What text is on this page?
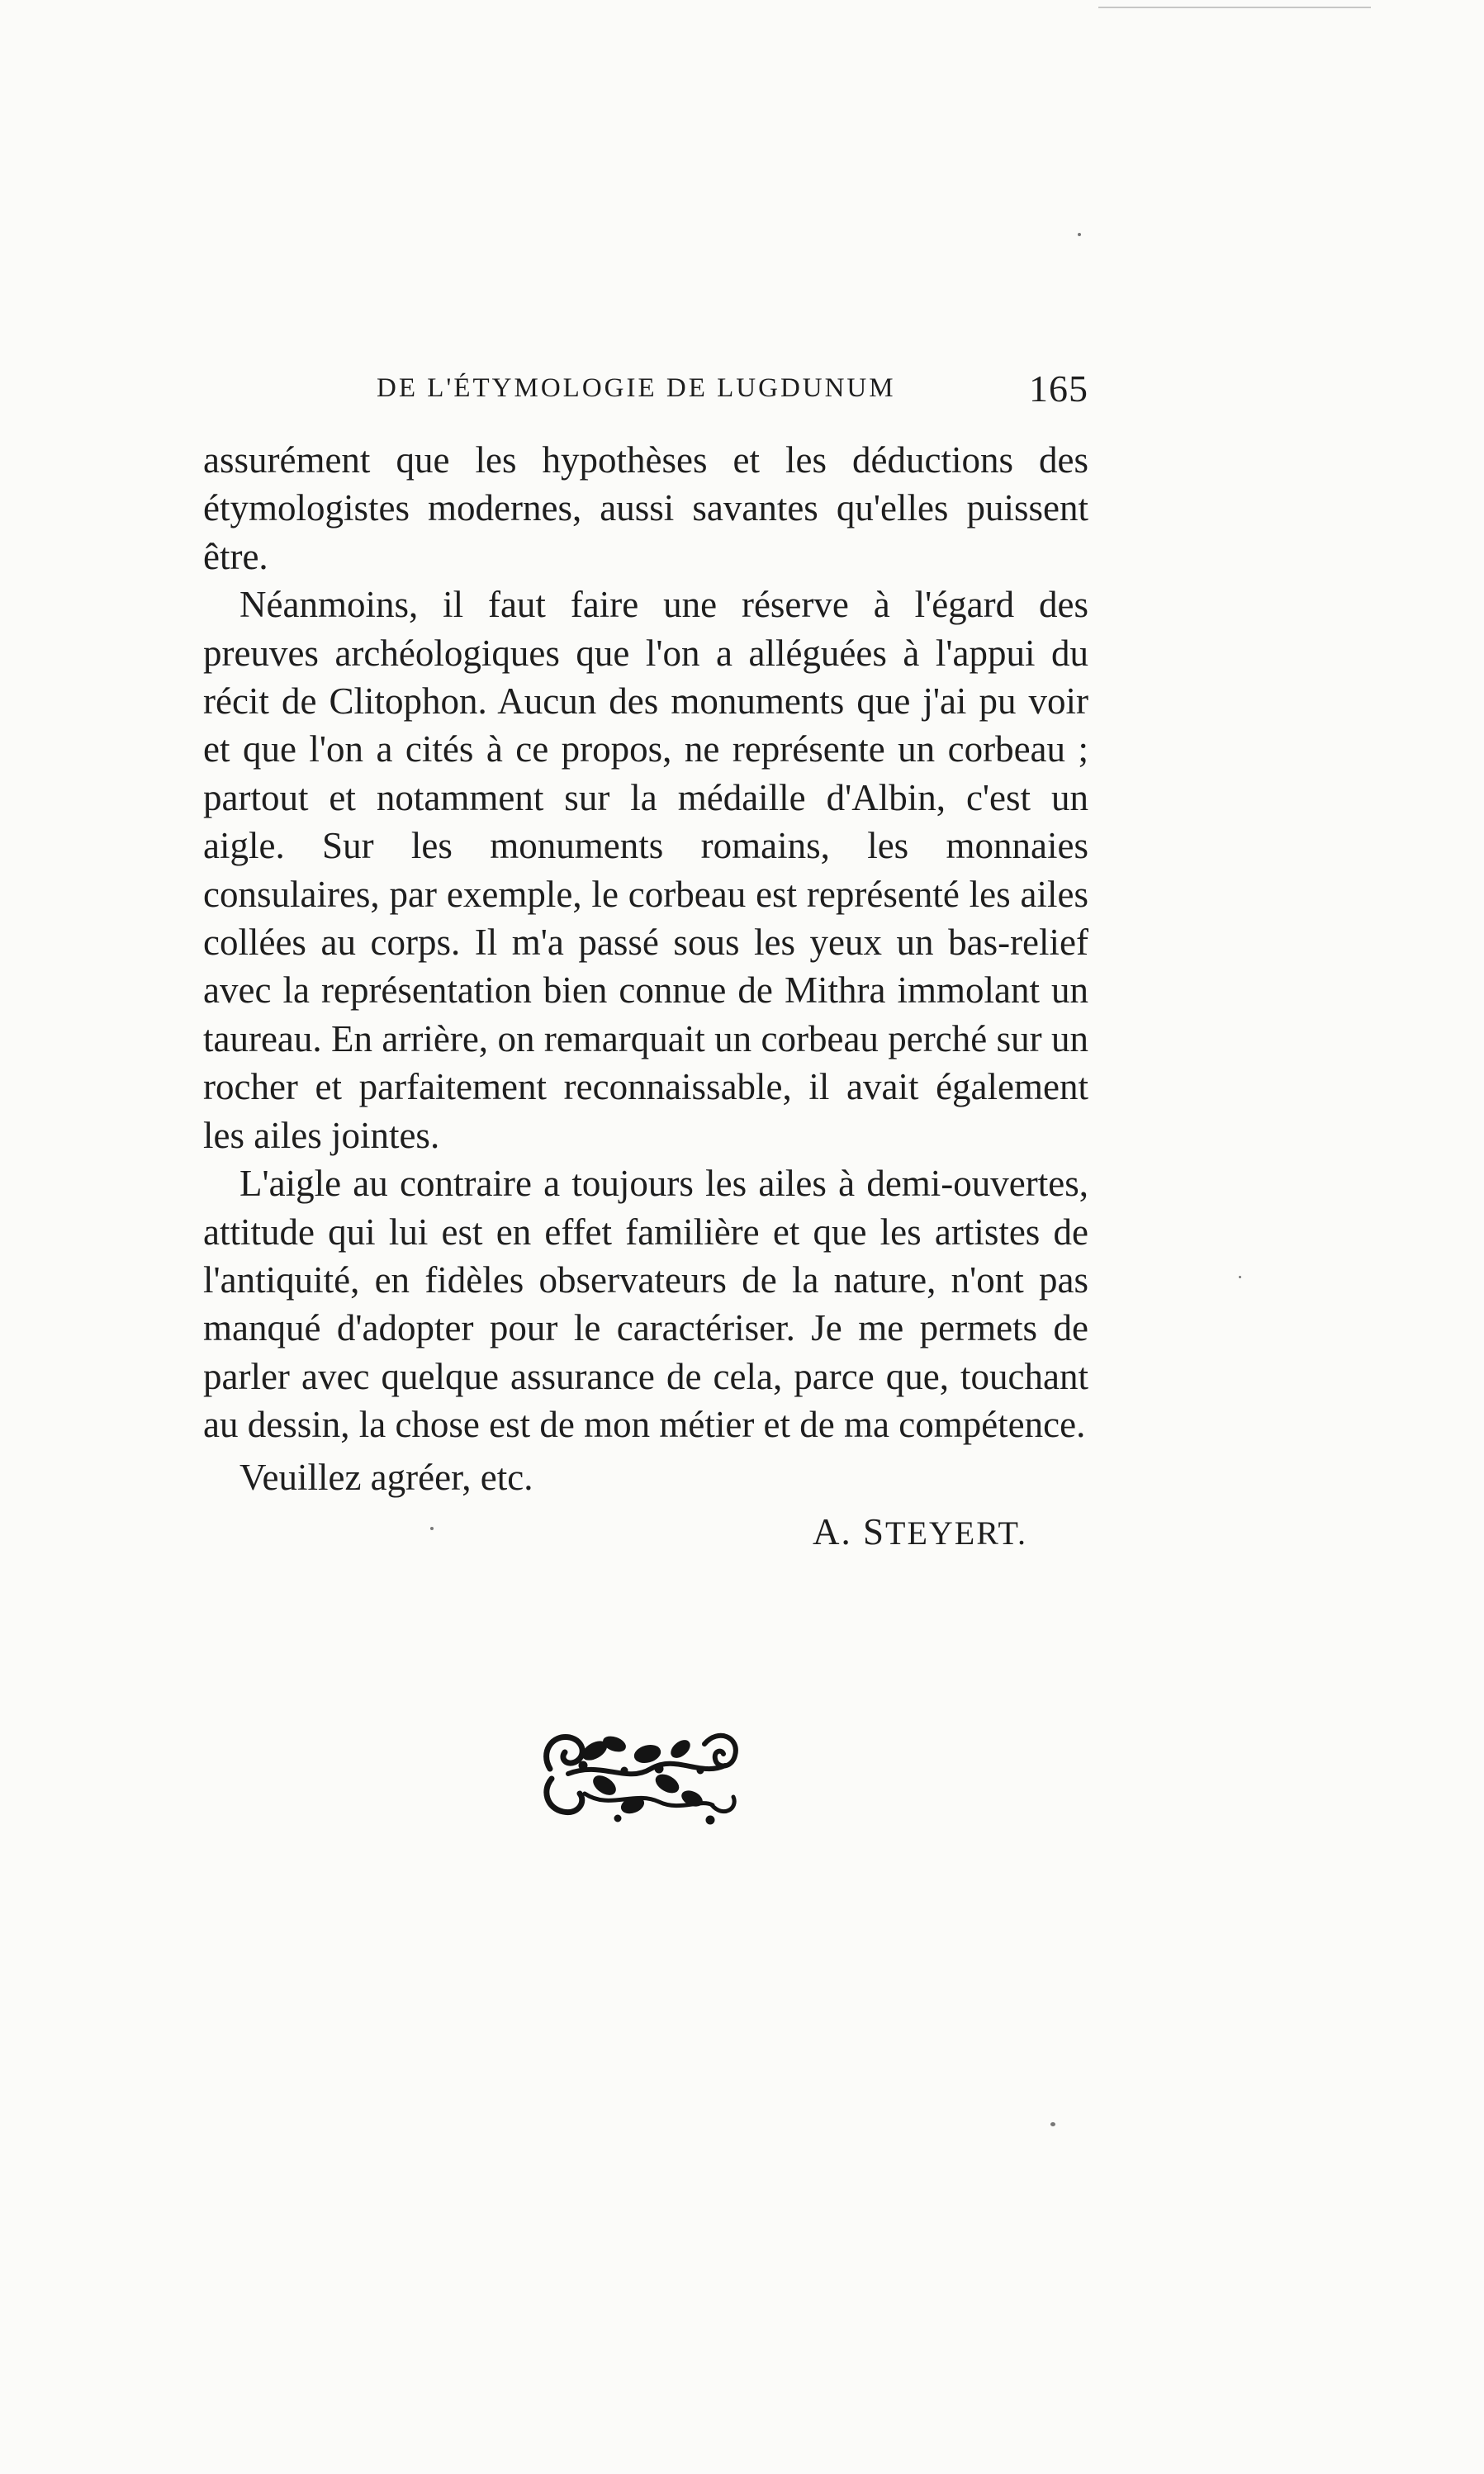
DE L'ÉTYMOLOGIE DE LUGDUNUM	165

assurément que les hypothèses et les déductions des étymologistes modernes, aussi savantes qu'elles puissent être.

Néanmoins, il faut faire une réserve à l'égard des preuves archéologiques que l'on a alléguées à l'appui du récit de Clitophon. Aucun des monuments que j'ai pu voir et que l'on a cités à ce propos, ne représente un corbeau ; partout et notamment sur la médaille d'Albin, c'est un aigle. Sur les monuments romains, les monnaies consulaires, par exemple, le corbeau est représenté les ailes collées au corps. Il m'a passé sous les yeux un bas-relief avec la représentation bien connue de Mithra immolant un taureau. En arrière, on remarquait un corbeau perché sur un rocher et parfaitement reconnaissable, il avait également les ailes jointes.

L'aigle au contraire a toujours les ailes à demi-ouvertes, attitude qui lui est en effet familière et que les artistes de l'antiquité, en fidèles observateurs de la nature, n'ont pas manqué d'adopter pour le caractériser. Je me permets de parler avec quelque assurance de cela, parce que, touchant au dessin, la chose est de mon métier et de ma compétence.

Veuillez agréer, etc.
A. STEYERT.
